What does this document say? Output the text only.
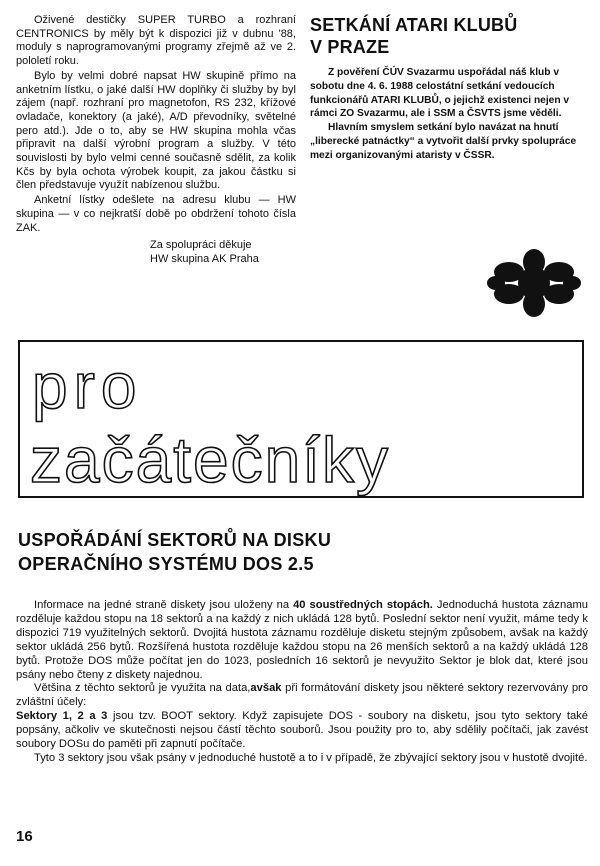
Oživené destičky SUPER TURBO a rozhraní CENTRONICS by měly být k dispozici již v dubnu '88, moduly s naprogramovanými programy zřejmě až ve 2. pololetí roku.

Bylo by velmi dobré napsat HW skupině přímo na anketním lístku, o jaké další HW doplňky či služby by byl zájem (např. rozhraní pro magnetofon, RS 232, křížové ovladače, konektory (a jaké), A/D převodníky, světelné pero atd.). Jde o to, aby se HW skupina mohla včas připravit na další výrobní program a služby. V této souvislosti by bylo velmi cenné současně sdělit, za kolik Kčs by byla ochota výrobek koupit, za jakou částku si člen představuje využít nabízenou službu.

Anketní lístky odešlete na adresu klubu — HW skupina — v co nejkratší době po obdržení tohoto čísla ZAK.

Za spolupráci děkuje
HW skupina AK Praha

SETKÁNÍ ATARI KLUBŮ
V PRAZE

Z pověření ČÚV Svazarmu uspořádal náš klub v sobotu dne 4. 6. 1988 celostátní setkání vedoucích funkcionářů ATARI KLUBŮ, o jejichž existenci nejen v rámci ZO Svazarmu, ale i SSM a ČSVTS jsme věděli.

Hlavním smyslem setkání bylo navázat na hnutí „liberecké patnáctky“ a vytvořit další prvky spolupráce mezi organizovanými ataristy v ČSSR.

pro
začátečníky
USPOŘÁDÁNÍ SEKTORŮ NA DISKU
OPERAČNÍHO SYSTÉMU DOS 2.5

Informace na jedné straně diskety jsou uloženy na 40 soustředných stopách. Jednoduchá hustota záznamu rozděluje každou stopu na 18 sektorů a na každý z nich ukládá 128 bytů. Poslední sektor není využit, máme tedy k dispozici 719 využitelných sektorů. Dvojitá hustota záznamu rozděluje disketu stejným způsobem, avšak na každý sektor ukládá 256 bytů. Rozšířená hustota rozděluje každou stopu na 26 menších sektorů a na každý ukládá 128 bytů. Protože DOS může počítat jen do 1023, posledních 16 sektorů je nevyužito Sektor je blok dat, které jsou psány nebo čteny z diskety najednou.

Většina z těchto sektorů je využita na data,avšak při formátování diskety jsou některé sektory rezervovány pro zvláštní účely:

Sektory 1, 2 a 3 jsou tzv. BOOT sektory. Když zapisujete DOS - soubory na disketu, jsou tyto sektory také popsány, ačkoliv ve skutečnosti nejsou částí těchto souborů. Jsou použity pro to, aby sdělily počítači, jak zavést soubory DOSu do paměti při zapnutí počítače.

Tyto 3 sektory jsou však psány v jednoduché hustotě a to i v případě, že zbývající sektory jsou v hustotě dvojité.

16
